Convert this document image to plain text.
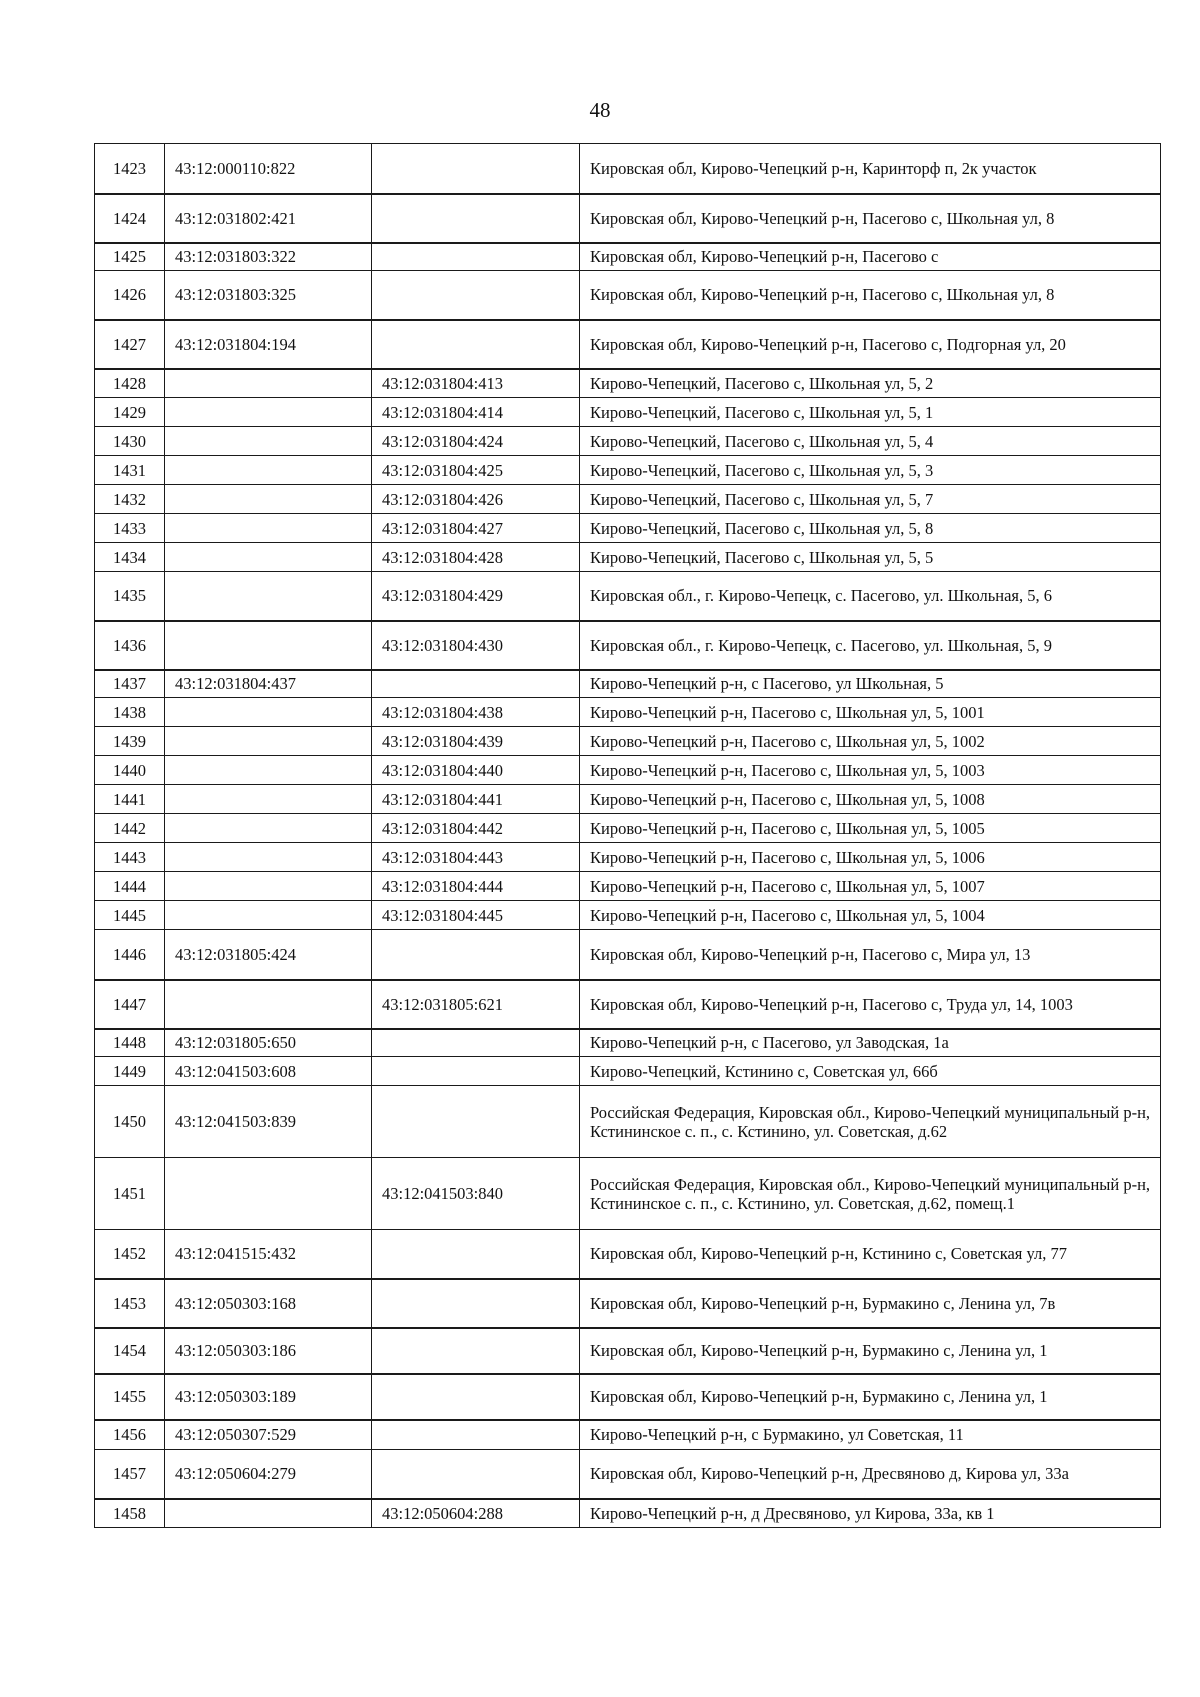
48
1423	43:12:000110:822		Кировская обл, Кирово-Чепецкий р-н, Каринторф п, 2к участок
1424	43:12:031802:421		Кировская обл, Кирово-Чепецкий р-н, Пасегово с, Школьная ул, 8
1425	43:12:031803:322		Кировская обл, Кирово-Чепецкий р-н, Пасегово с
1426	43:12:031803:325		Кировская обл, Кирово-Чепецкий р-н, Пасегово с, Школьная ул, 8
1427	43:12:031804:194		Кировская обл, Кирово-Чепецкий р-н, Пасегово с, Подгорная ул, 20
1428		43:12:031804:413	Кирово-Чепецкий, Пасегово с, Школьная ул, 5, 2
1429		43:12:031804:414	Кирово-Чепецкий, Пасегово с, Школьная ул, 5, 1
1430		43:12:031804:424	Кирово-Чепецкий, Пасегово с, Школьная ул, 5, 4
1431		43:12:031804:425	Кирово-Чепецкий, Пасегово с, Школьная ул, 5, 3
1432		43:12:031804:426	Кирово-Чепецкий, Пасегово с, Школьная ул, 5, 7
1433		43:12:031804:427	Кирово-Чепецкий, Пасегово с, Школьная ул, 5, 8
1434		43:12:031804:428	Кирово-Чепецкий, Пасегово с, Школьная ул, 5, 5
1435		43:12:031804:429	Кировская обл., г. Кирово-Чепецк, с. Пасегово, ул. Школьная, 5, 6
1436		43:12:031804:430	Кировская обл., г. Кирово-Чепецк, с. Пасегово, ул. Школьная, 5, 9
1437	43:12:031804:437		Кирово-Чепецкий р-н, с Пасегово, ул Школьная, 5
1438		43:12:031804:438	Кирово-Чепецкий р-н, Пасегово с, Школьная ул, 5, 1001
1439		43:12:031804:439	Кирово-Чепецкий р-н, Пасегово с, Школьная ул, 5, 1002
1440		43:12:031804:440	Кирово-Чепецкий р-н, Пасегово с, Школьная ул, 5, 1003
1441		43:12:031804:441	Кирово-Чепецкий р-н, Пасегово с, Школьная ул, 5, 1008
1442		43:12:031804:442	Кирово-Чепецкий р-н, Пасегово с, Школьная ул, 5, 1005
1443		43:12:031804:443	Кирово-Чепецкий р-н, Пасегово с, Школьная ул, 5, 1006
1444		43:12:031804:444	Кирово-Чепецкий р-н, Пасегово с, Школьная ул, 5, 1007
1445		43:12:031804:445	Кирово-Чепецкий р-н, Пасегово с, Школьная ул, 5, 1004
1446	43:12:031805:424		Кировская обл, Кирово-Чепецкий р-н, Пасегово с, Мира ул, 13
1447		43:12:031805:621	Кировская обл, Кирово-Чепецкий р-н, Пасегово с, Труда ул, 14, 1003
1448	43:12:031805:650		Кирово-Чепецкий р-н, с Пасегово, ул Заводская, 1а
1449	43:12:041503:608		Кирово-Чепецкий, Кстинино с, Советская ул, 66б
1450	43:12:041503:839		Российская Федерация, Кировская обл., Кирово-Чепецкий муниципальный р-н, Кстининское с. п., с. Кстинино, ул. Советская, д.62
1451		43:12:041503:840	Российская Федерация, Кировская обл., Кирово-Чепецкий муниципальный р-н, Кстининское с. п., с. Кстинино, ул. Советская, д.62, помещ.1
1452	43:12:041515:432		Кировская обл, Кирово-Чепецкий р-н, Кстинино с, Советская ул, 77
1453	43:12:050303:168		Кировская обл, Кирово-Чепецкий р-н, Бурмакино с, Ленина ул, 7в
1454	43:12:050303:186		Кировская обл, Кирово-Чепецкий р-н, Бурмакино с, Ленина ул, 1
1455	43:12:050303:189		Кировская обл, Кирово-Чепецкий р-н, Бурмакино с, Ленина ул, 1
1456	43:12:050307:529		Кирово-Чепецкий р-н, с Бурмакино, ул Советская, 11
1457	43:12:050604:279		Кировская обл, Кирово-Чепецкий р-н, Дресвяново д, Кирова ул, 33а
1458		43:12:050604:288	Кирово-Чепецкий р-н, д Дресвяново, ул Кирова, 33а, кв 1
